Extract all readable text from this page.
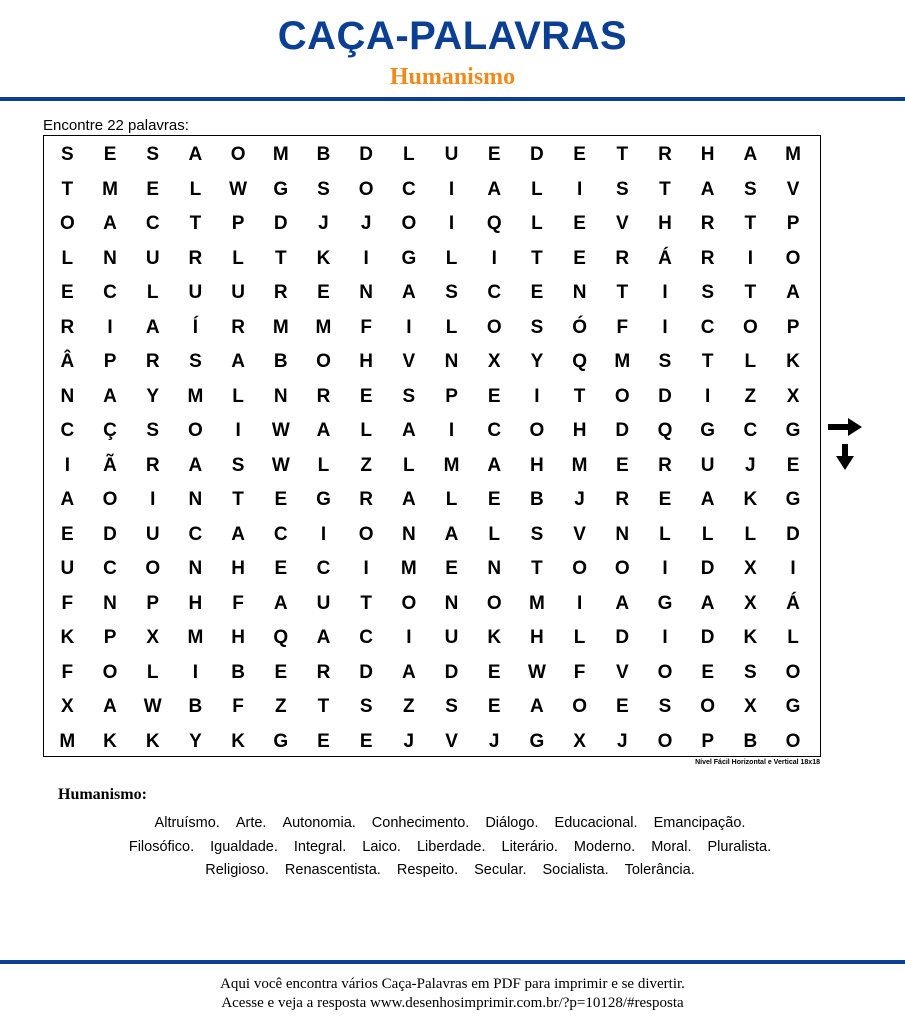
CAÇA-PALAVRAS
Humanismo
Encontre 22 palavras:
S	E	S	A	O	M	B	D	L	U	E	D	E	T	R	H	A	M
T	M	E	L	W	G	S	O	C	I	A	L	I	S	T	A	S	V
O	A	C	T	P	D	J	J	O	I	Q	L	E	V	H	R	T	P
L	N	U	R	L	T	K	I	G	L	I	T	E	R	Á	R	I	O
E	C	L	U	U	R	E	N	A	S	C	E	N	T	I	S	T	A
R	I	A	Í	R	M	M	F	I	L	O	S	Ó	F	I	C	O	P
Â	P	R	S	A	B	O	H	V	N	X	Y	Q	M	S	T	L	K
N	A	Y	M	L	N	R	E	S	P	E	I	T	O	D	I	Z	X
C	Ç	S	O	I	W	A	L	A	I	C	O	H	D	Q	G	C	G
I	Ã	R	A	S	W	L	Z	L	M	A	H	M	E	R	U	J	E
A	O	I	N	T	E	G	R	A	L	E	B	J	R	E	A	K	G
E	D	U	C	A	C	I	O	N	A	L	S	V	N	L	L	L	D
U	C	O	N	H	E	C	I	M	E	N	T	O	O	I	D	X	I
F	N	P	H	F	A	U	T	O	N	O	M	I	A	G	A	X	Á
K	P	X	M	H	Q	A	C	I	U	K	H	L	D	I	D	K	L
F	O	L	I	B	E	R	D	A	D	E	W	F	V	O	E	S	O
X	A	W	B	F	Z	T	S	Z	S	E	A	O	E	S	O	X	G
M	K	K	Y	K	G	E	E	J	V	J	G	X	J	O	P	B	O
Nível Fácil Horizontal e Vertical 18x18
Humanismo:
Altruísmo. Arte. Autonomia. Conhecimento. Diálogo. Educacional. Emancipação.
Filosófico. Igualdade. Integral. Laico. Liberdade. Literário. Moderno. Moral. Pluralista.
Religioso. Renascentista. Respeito. Secular. Socialista. Tolerância.
Aqui você encontra vários Caça-Palavras em PDF para imprimir e se divertir.
Acesse e veja a resposta www.desenhosimprimir.com.br/?p=10128/#resposta
